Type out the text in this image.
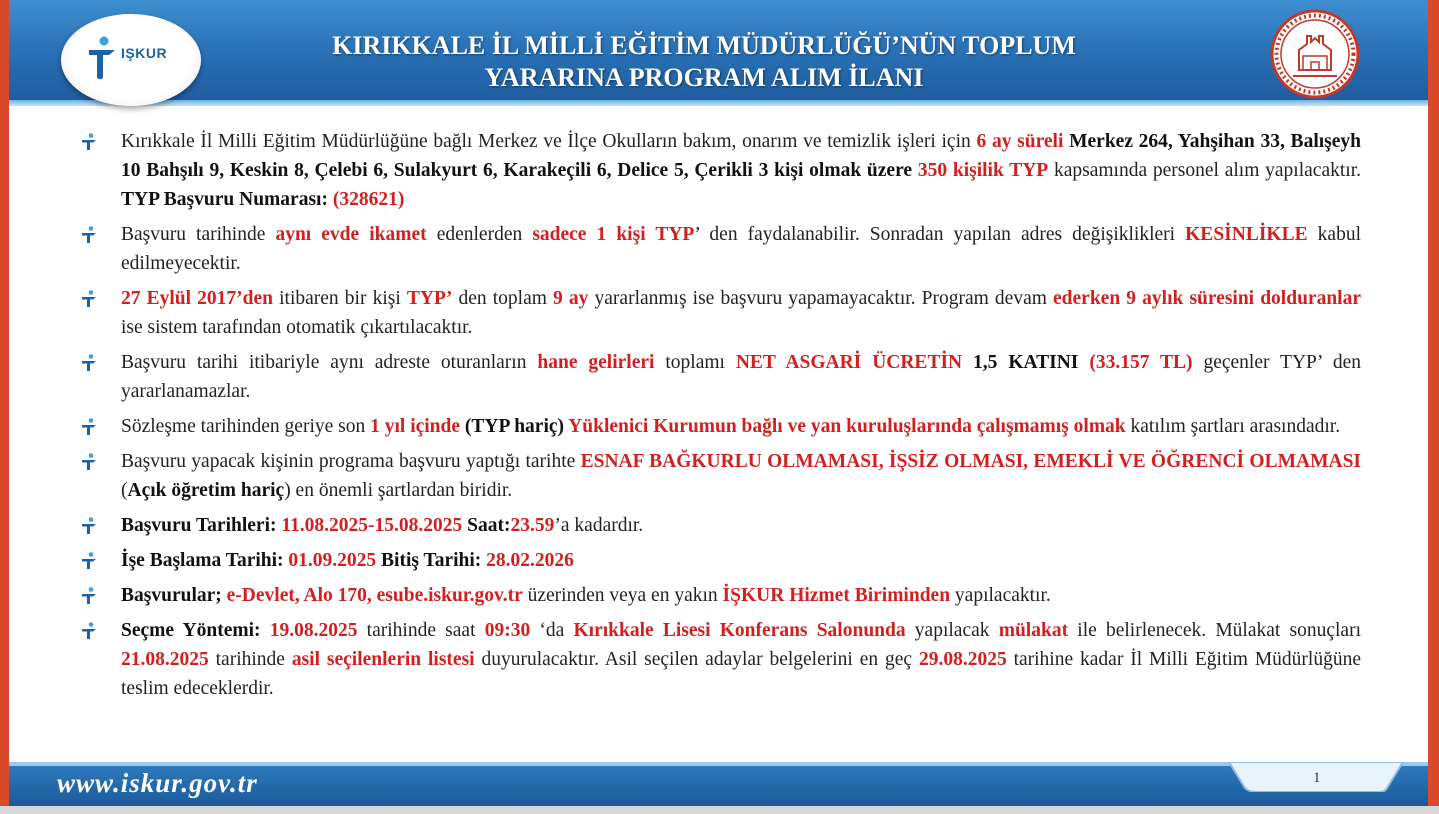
IŞKUR	KIRIKKALE İL MİLLİ EĞİTİM MÜDÜRLÜĞÜ’NÜN TOPLUM
YARARINA PROGRAM ALIM İLANI
Kırıkkale İl Milli Eğitim Müdürlüğüne bağlı Merkez ve İlçe Okulların bakım, onarım ve temizlik işleri için 6 ay süreli Merkez 264, Yahşihan 33, Balışeyh 10 Bahşılı 9, Keskin 8, Çelebi 6, Sulakyurt 6, Karakeçili 6, Delice 5, Çerikli 3 kişi olmak üzere 350 kişilik TYP kapsamında personel alım yapılacaktır. TYP Başvuru Numarası: (328621)
Başvuru tarihinde aynı evde ikamet edenlerden sadece 1 kişi TYP’ den faydalanabilir. Sonradan yapılan adres değişiklikleri KESİNLİKLE kabul edilmeyecektir.
27 Eylül 2017’den itibaren bir kişi TYP’ den toplam 9 ay yararlanmış ise başvuru yapamayacaktır. Program devam ederken 9 aylık süresini dolduranlar ise sistem tarafından otomatik çıkartılacaktır.
Başvuru tarihi itibariyle aynı adreste oturanların hane gelirleri toplamı NET ASGARİ ÜCRETİN 1,5 KATINI (33.157 TL) geçenler TYP’ den yararlanamazlar.
Sözleşme tarihinden geriye son 1 yıl içinde (TYP hariç) Yüklenici Kurumun bağlı ve yan kuruluşlarında çalışmamış olmak katılım şartları arasındadır.
Başvuru yapacak kişinin programa başvuru yaptığı tarihte ESNAF BAĞKURLU OLMAMASI, İŞSİZ OLMASI, EMEKLİ VE ÖĞRENCİ OLMAMASI (Açık öğretim hariç) en önemli şartlardan biridir.
Başvuru Tarihleri: 11.08.2025-15.08.2025 Saat:23.59’a kadardır.
İşe Başlama Tarihi: 01.09.2025 Bitiş Tarihi: 28.02.2026
Başvurular; e-Devlet, Alo 170, esube.iskur.gov.tr üzerinden veya en yakın İŞKUR Hizmet Biriminden yapılacaktır.
Seçme Yöntemi: 19.08.2025 tarihinde saat 09:30 ‘da Kırıkkale Lisesi Konferans Salonunda yapılacak mülakat ile belirlenecek. Mülakat sonuçları 21.08.2025 tarihinde asil seçilenlerin listesi duyurulacaktır. Asil seçilen adaylar belgelerini en geç 29.08.2025 tarihine kadar İl Milli Eğitim Müdürlüğüne teslim edeceklerdir.
www.iskur.gov.tr	1
